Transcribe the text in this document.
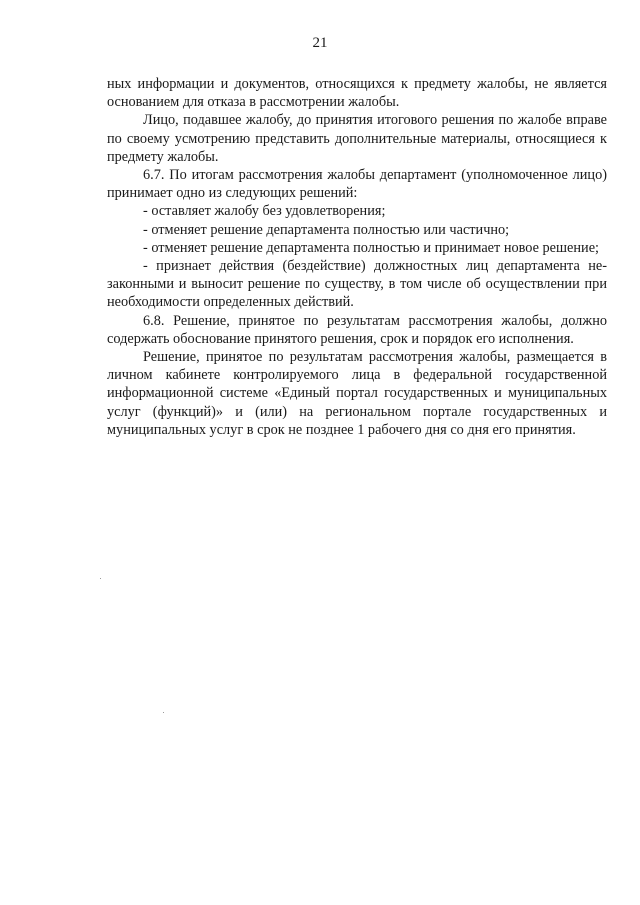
21

ных информации и документов, относящихся к предмету жалобы, не является основанием для отказа в рассмотрении жалобы.

Лицо, подавшее жалобу, до принятия итогового решения по жалобе вправе по своему усмотрению представить дополнительные материалы, относящиеся к предмету жалобы.

6.7. По итогам рассмотрения жалобы департамент (уполномоченное лицо) принимает одно из следующих решений:

- оставляет жалобу без удовлетворения;

- отменяет решение департамента полностью или частично;

- отменяет решение департамента полностью и принимает новое решение;

- признает действия (бездействие) должностных лиц департамента незаконными и выносит решение по существу, в том числе об осуществлении при необходимости определенных действий.

6.8. Решение, принятое по результатам рассмотрения жалобы, должно содержать обоснование принятого решения, срок и порядок его исполнения.

Решение, принятое по результатам рассмотрения жалобы, размещается в личном кабинете контролируемого лица в федеральной государственной информационной системе «Единый портал государственных и муниципальных услуг (функций)» и (или) на региональном портале государственных и муниципальных услуг в срок не позднее 1 рабочего дня со дня его принятия.
